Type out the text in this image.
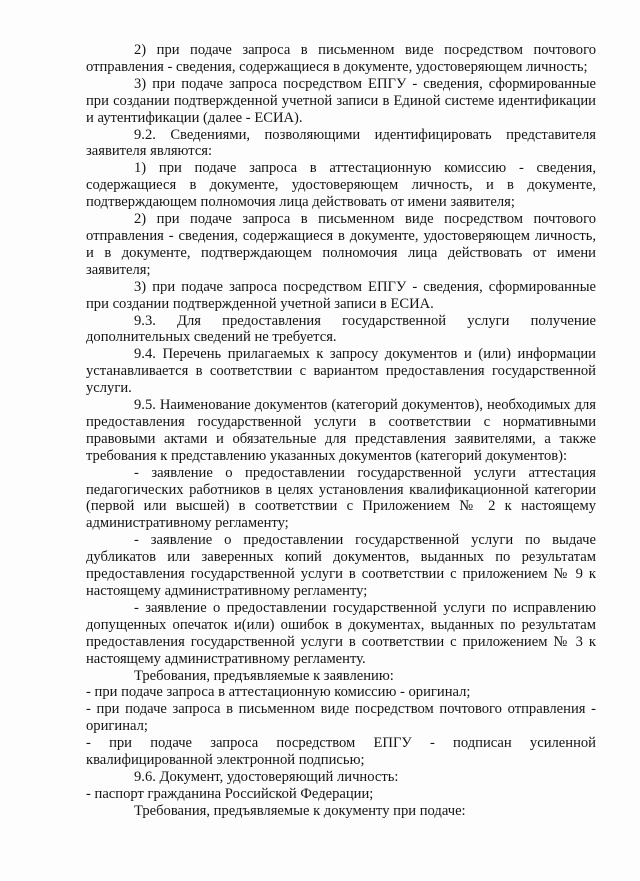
2) при подаче запроса в письменном виде посредством почтового отправления - сведения, содержащиеся в документе, удостоверяющем личность;

3) при подаче запроса посредством ЕПГУ - сведения, сформированные при создании подтвержденной учетной записи в Единой системе идентификации и аутентификации (далее - ЕСИА).

9.2. Сведениями, позволяющими идентифицировать представителя заявителя являются:

1) при подаче запроса в аттестационную комиссию - сведения, содержащиеся в документе, удостоверяющем личность, и в документе, подтверждающем полномочия лица действовать от имени заявителя;

2) при подаче запроса в письменном виде посредством почтового отправления - сведения, содержащиеся в документе, удостоверяющем личность, и в документе, подтверждающем полномочия лица действовать от имени заявителя;

3) при подаче запроса посредством ЕПГУ - сведения, сформированные при создании подтвержденной учетной записи в ЕСИА.

9.3. Для предоставления государственной услуги получение дополнительных сведений не требуется.

9.4. Перечень прилагаемых к запросу документов и (или) информации устанавливается в соответствии с вариантом предоставления государственной услуги.

9.5. Наименование документов (категорий документов), необходимых для предоставления государственной услуги в соответствии с нормативными правовыми актами и обязательные для представления заявителями, а также требования к представлению указанных документов (категорий документов):

- заявление о предоставлении государственной услуги аттестация педагогических работников в целях установления квалификационной категории (первой или высшей) в соответствии с Приложением № 2 к настоящему административному регламенту;

- заявление о предоставлении государственной услуги по выдаче дубликатов или заверенных копий документов, выданных по результатам предоставления государственной услуги в соответствии с приложением № 9 к настоящему административному регламенту;

- заявление о предоставлении государственной услуги по исправлению допущенных опечаток и(или) ошибок в документах, выданных по результатам предоставления государственной услуги в соответствии с приложением № 3 к настоящему административному регламенту.

Требования, предъявляемые к заявлению:

- при подаче запроса в аттестационную комиссию - оригинал;

- при подаче запроса в письменном виде посредством почтового отправления - оригинал;

- при подаче запроса посредством ЕПГУ - подписан усиленной квалифицированной электронной подписью;

9.6. Документ, удостоверяющий личность:

- паспорт гражданина Российской Федерации;

Требования, предъявляемые к документу при подаче:
